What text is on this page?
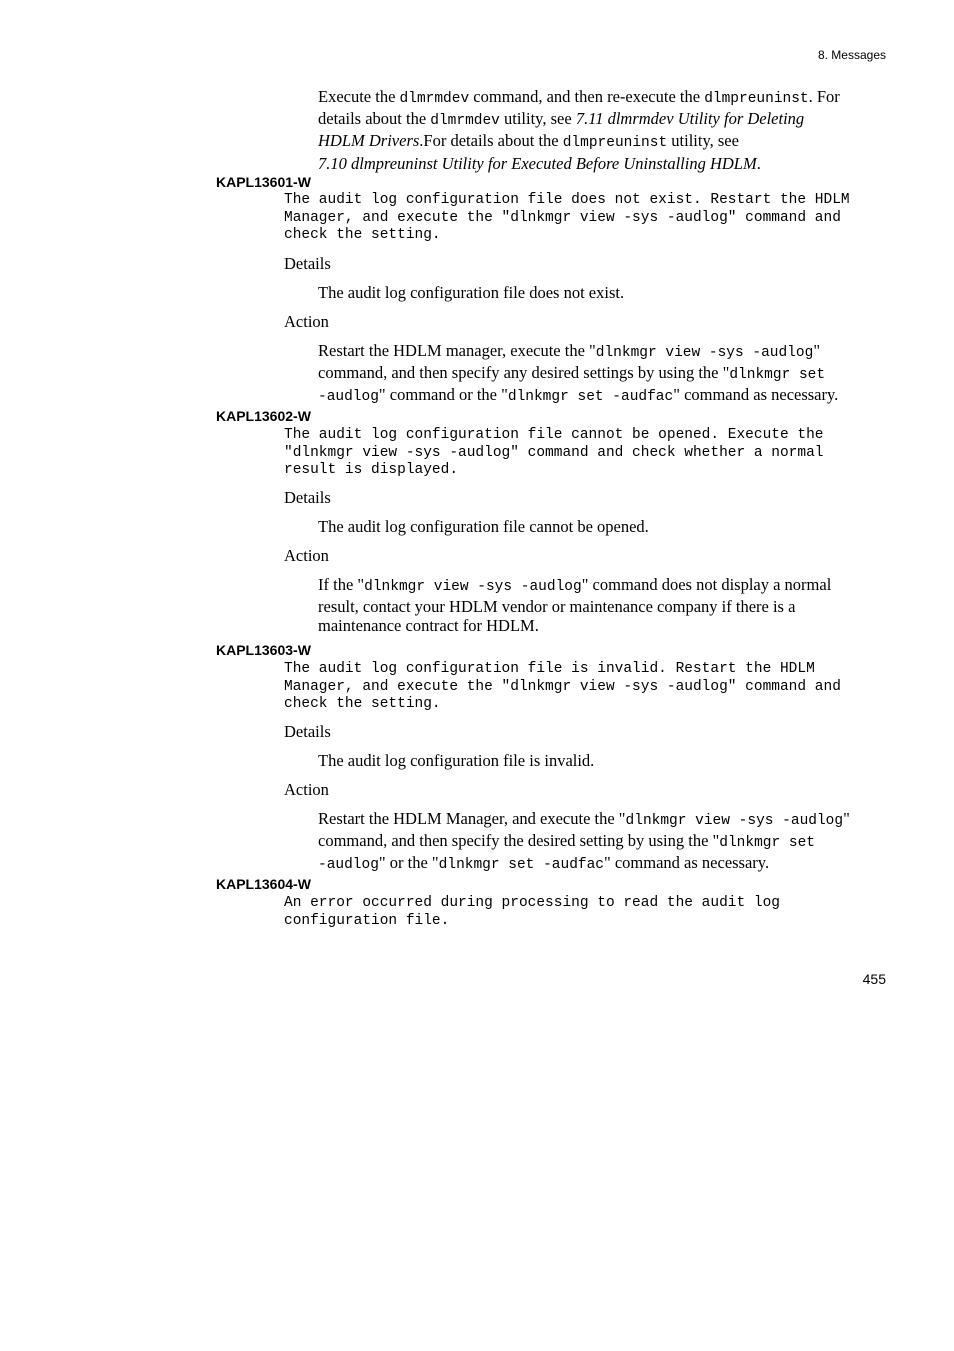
8. Messages
Execute the dlmrmdev command, and then re-execute the dlmpreuninst. For
details about the dlmrmdev utility, see 7.11 dlmrmdev Utility for Deleting
HDLM Drivers.For details about the dlmpreuninst utility, see
7.10 dlmpreuninst Utility for Executed Before Uninstalling HDLM.
KAPL13601-W
The audit log configuration file does not exist. Restart the HDLM
Manager, and execute the "dlnkmgr view -sys -audlog" command and
check the setting.
Details
The audit log configuration file does not exist.
Action
Restart the HDLM manager, execute the "dlnkmgr view -sys -audlog"
command, and then specify any desired settings by using the "dlnkmgr set
-audlog" command or the "dlnkmgr set -audfac" command as necessary.
KAPL13602-W
The audit log configuration file cannot be opened. Execute the
"dlnkmgr view -sys -audlog" command and check whether a normal
result is displayed.
Details
The audit log configuration file cannot be opened.
Action
If the "dlnkmgr view -sys -audlog" command does not display a normal
result, contact your HDLM vendor or maintenance company if there is a
maintenance contract for HDLM.
KAPL13603-W
The audit log configuration file is invalid. Restart the HDLM
Manager, and execute the "dlnkmgr view -sys -audlog" command and
check the setting.
Details
The audit log configuration file is invalid.
Action
Restart the HDLM Manager, and execute the "dlnkmgr view -sys -audlog"
command, and then specify the desired setting by using the "dlnkmgr set
-audlog" or the "dlnkmgr set -audfac" command as necessary.
KAPL13604-W
An error occurred during processing to read the audit log
configuration file.
455
